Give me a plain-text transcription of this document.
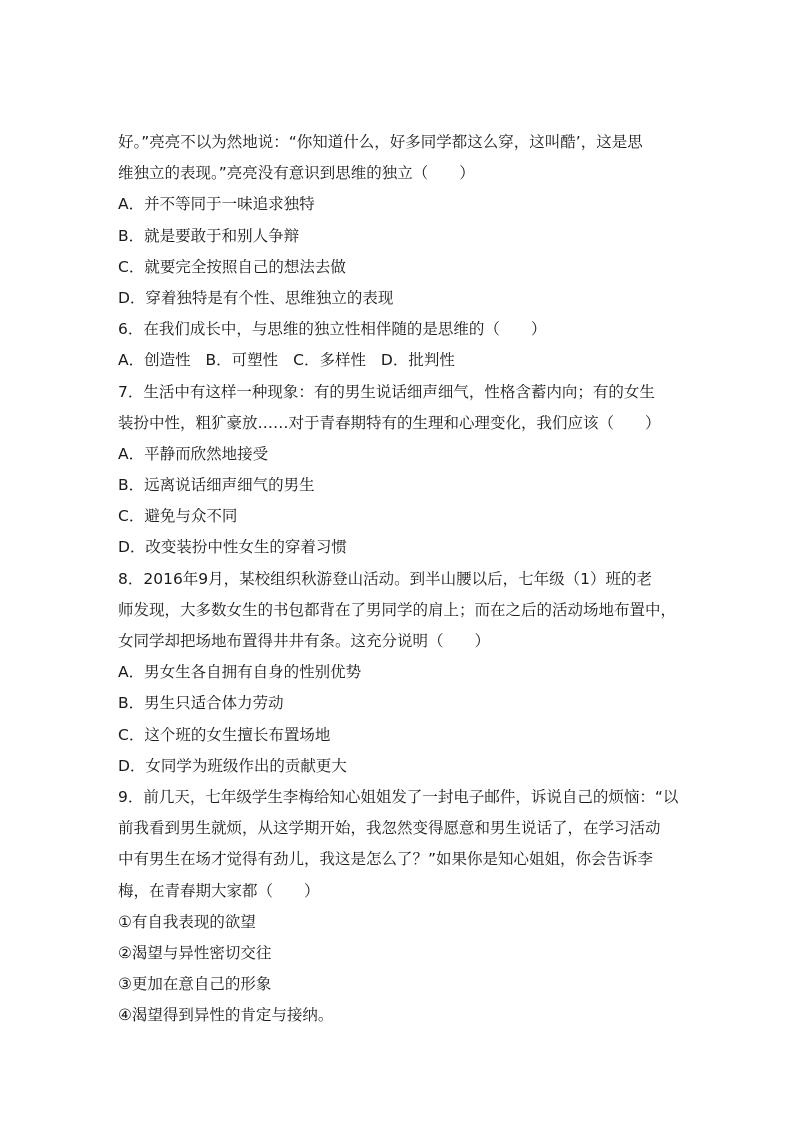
好。”亮亮不以为然地说：“你知道什么，好多同学都这么穿，这叫酷’，这是思
维独立的表现。”亮亮没有意识到思维的独立（　　）
A．并不等同于一味追求独特
B．就是要敢于和别人争辩
C．就要完全按照自己的想法去做
D．穿着独特是有个性、思维独立的表现
6．在我们成长中，与思维的独立性相伴随的是思维的（　　）
A．创造性 B．可塑性 C．多样性 D．批判性
7．生活中有这样一种现象：有的男生说话细声细气，性格含蓄内向；有的女生
装扮中性，粗犷豪放……对于青春期特有的生理和心理变化，我们应该（　　）
A．平静而欣然地接受
B．远离说话细声细气的男生
C．避免与众不同
D．改变装扮中性女生的穿着习惯
8．2016年9月，某校组织秋游登山活动。到半山腰以后，七年级（1）班的老
师发现，大多数女生的书包都背在了男同学的肩上；而在之后的活动场地布置中，
女同学却把场地布置得井井有条。这充分说明（　　）
A．男女生各自拥有自身的性别优势
B．男生只适合体力劳动
C．这个班的女生擅长布置场地
D．女同学为班级作出的贡献更大
9．前几天，七年级学生李梅给知心姐姐发了一封电子邮件，诉说自己的烦恼：“以
前我看到男生就烦，从这学期开始，我忽然变得愿意和男生说话了，在学习活动
中有男生在场才觉得有劲儿，我这是怎么了？”如果你是知心姐姐，你会告诉李
梅，在青春期大家都（　　）
①有自我表现的欲望
②渴望与异性密切交往
③更加在意自己的形象
④渴望得到异性的肯定与接纳。
